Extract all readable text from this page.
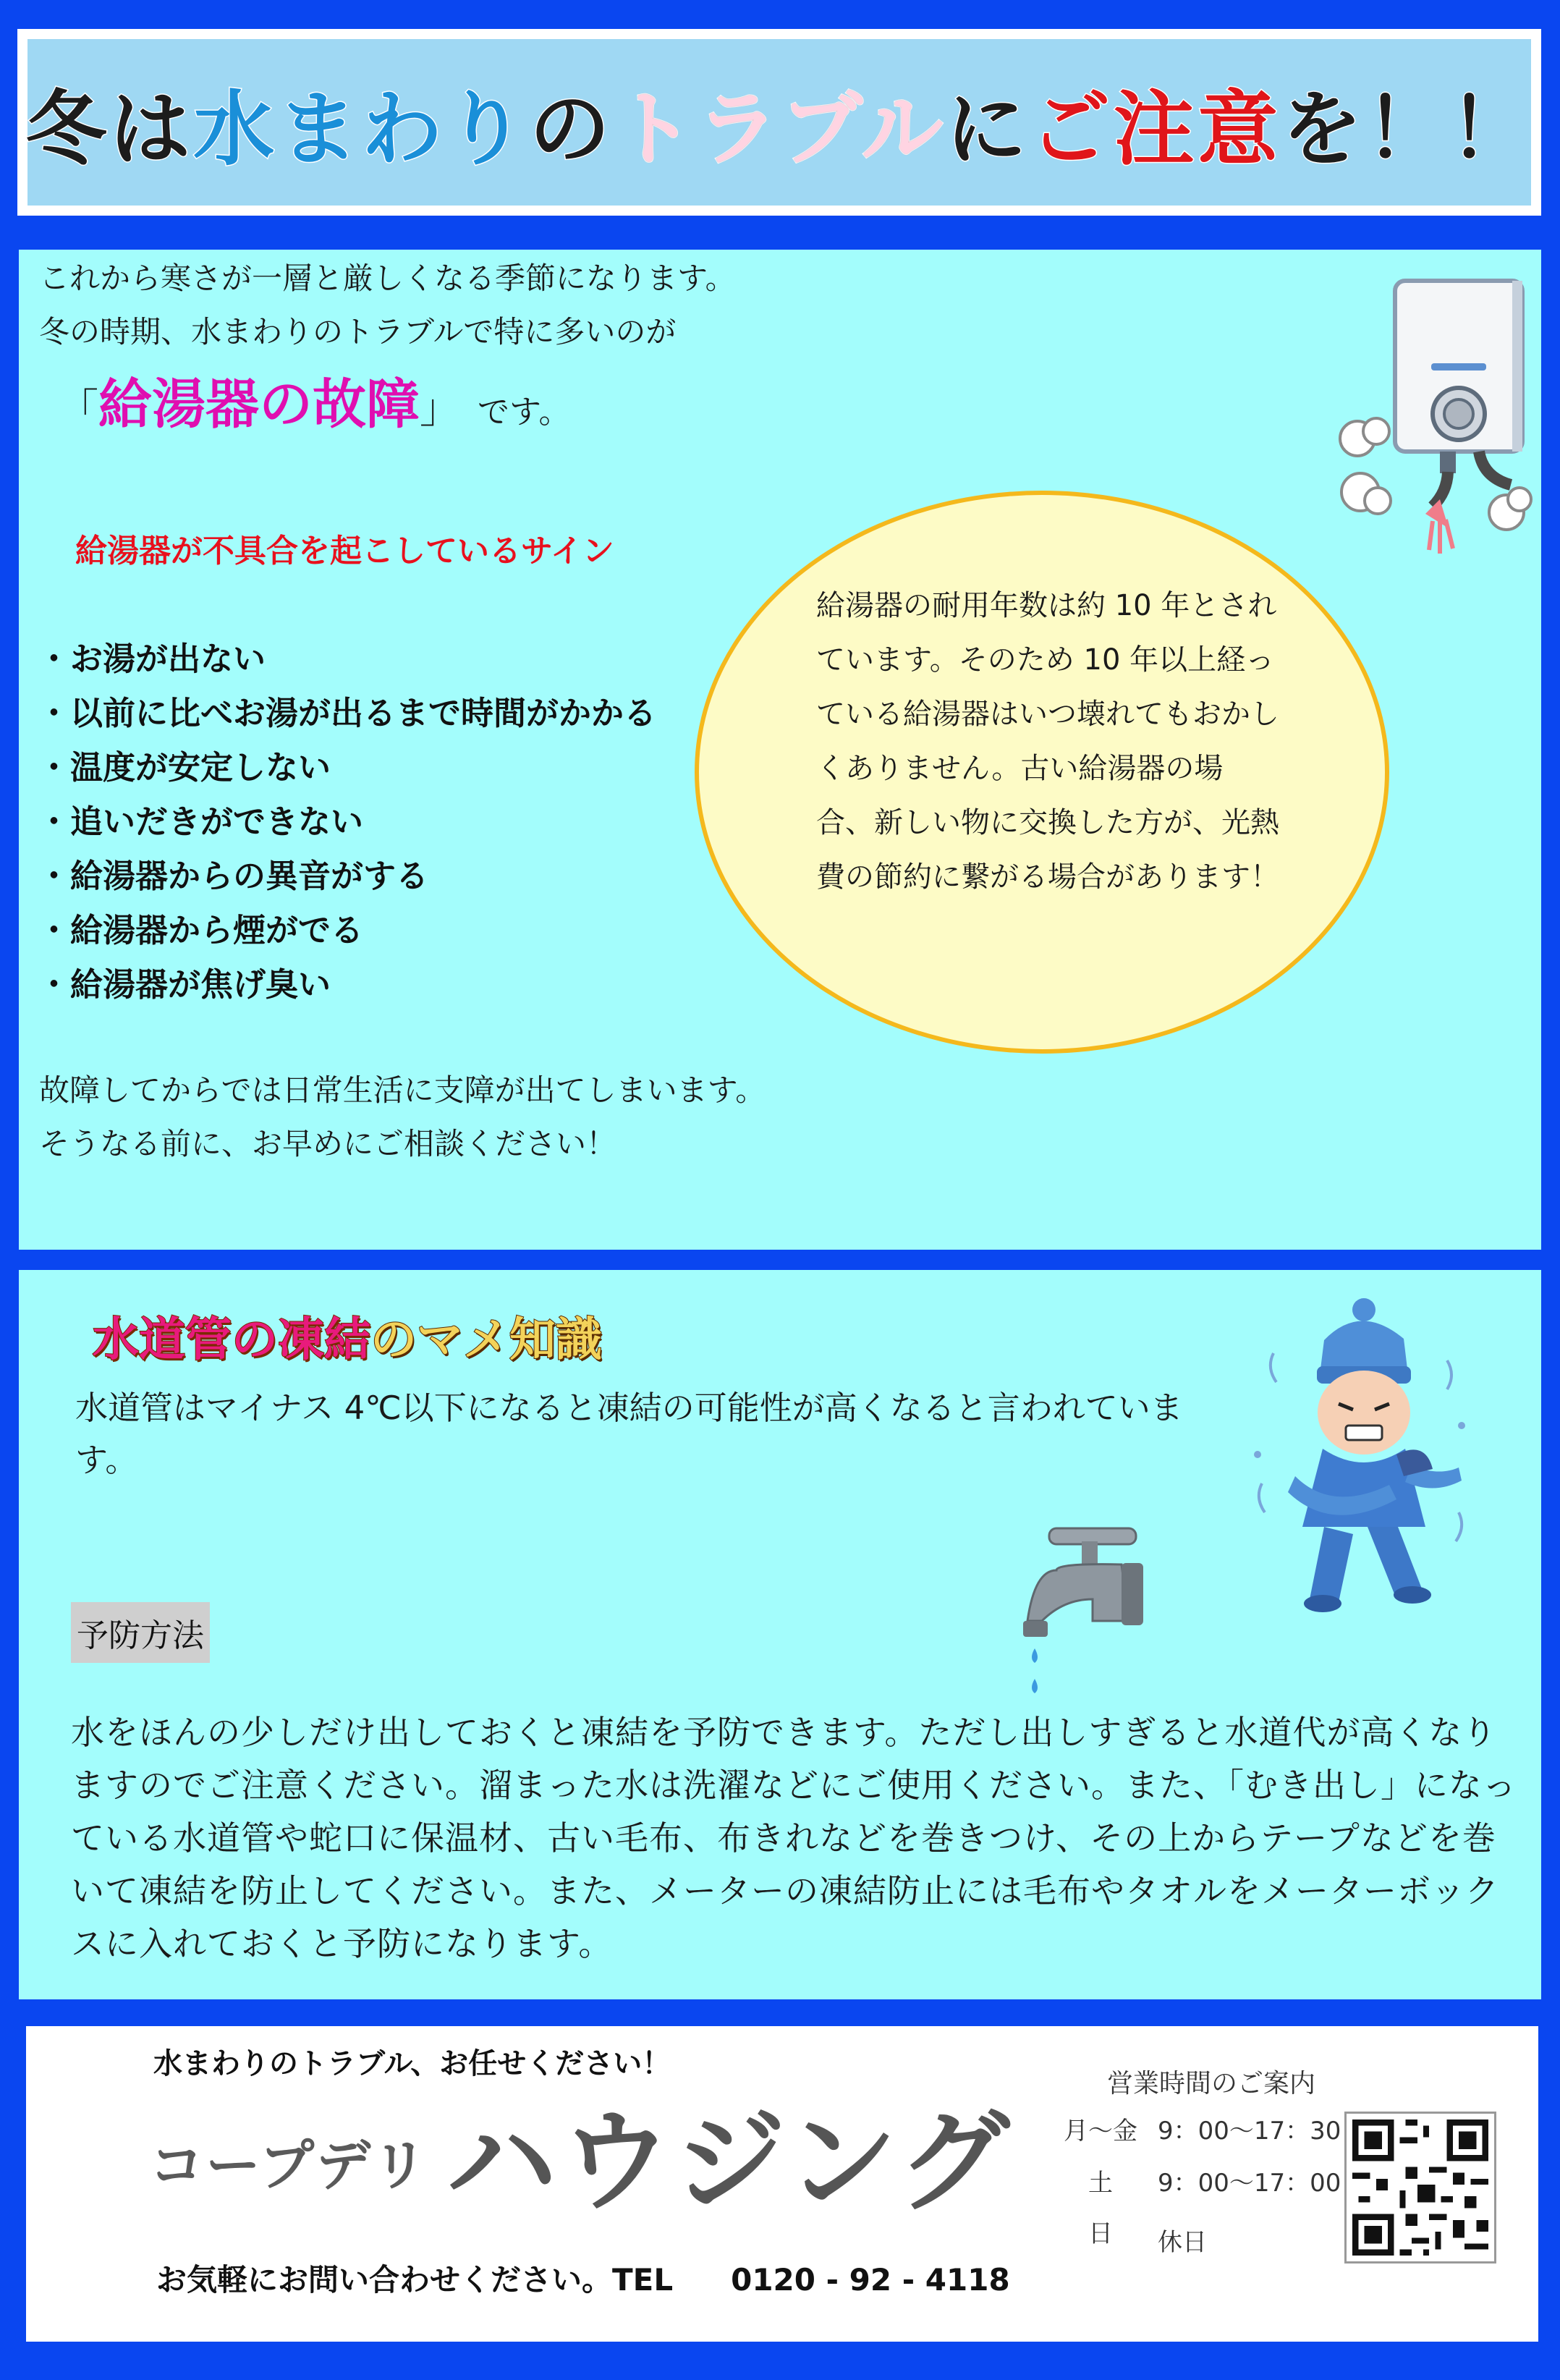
冬は水まわりのトラブルにご注意を！！
これから寒さが一層と厳しくなる季節になります。
冬の時期、水まわりのトラブルで特に多いのが
「給湯器の故障」 です。
給湯器が不具合を起こしているサイン
・お湯が出ない
・以前に比べお湯が出るまで時間がかかる
・温度が安定しない
・追いだきができない
・給湯器からの異音がする
・給湯器から煙がでる
・給湯器が焦げ臭い
給湯器の耐用年数は約 10 年とされています。そのため 10 年以上経っている給湯器はいつ壊れてもおかしくありません。古い給湯器の場合、新しい物に交換した方が、光熱費の節約に繋がる場合があります！
故障してからでは日常生活に支障が出てしまいます。
そうなる前に、お早めにご相談ください！
水道管の凍結のマメ知識
水道管はマイナス 4℃以下になると凍結の可能性が高くなると言われています。
予防方法
水をほんの少しだけ出しておくと凍結を予防できます。ただし出しすぎると水道代が高くなりますのでご注意ください。溜まった水は洗濯などにご使用ください。また、「むき出し」になっている水道管や蛇口に保温材、古い毛布、布きれなどを巻きつけ、その上からテープなどを巻いて凍結を防止してください。また、メーターの凍結防止には毛布やタオルをメーターボックスに入れておくと予防になります。
水まわりのトラブル、お任せください！
コープデリ ハウジング
お気軽にお問い合わせください。TEL 0120 - 92 - 4118
営業時間のご案内
月～金 9：00～17：30
土	9：00～17：00
日	休日
